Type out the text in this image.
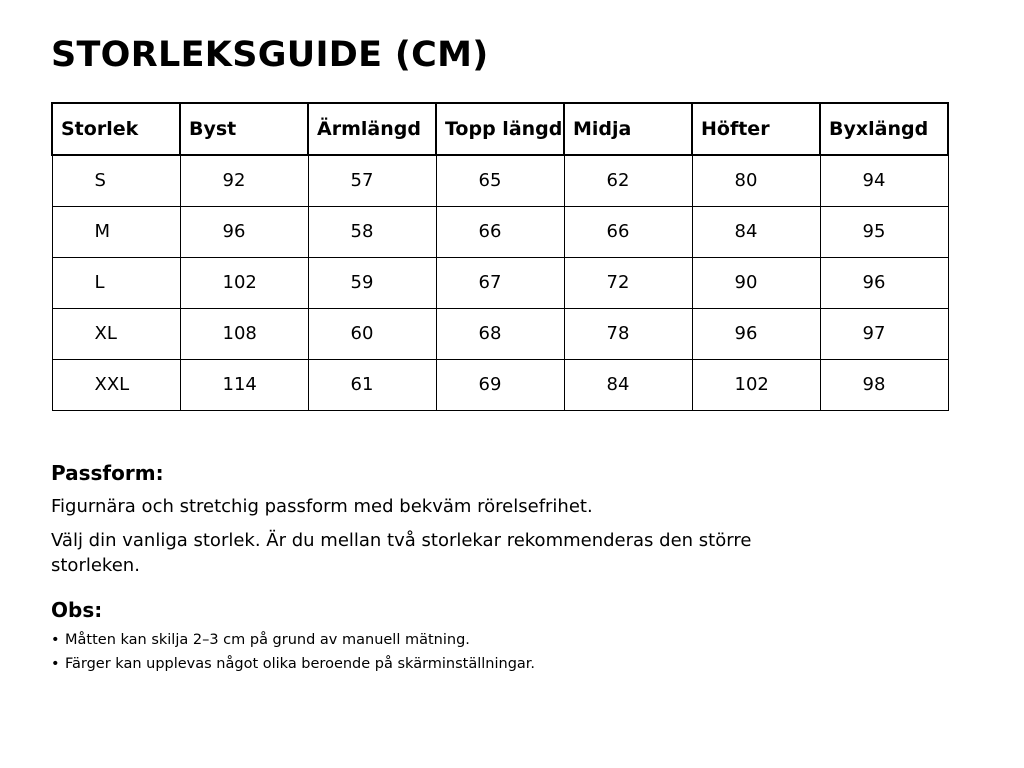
STORLEKSGUIDE (CM)
Storlek	Byst	Ärmlängd	Topp längd	Midja	Höfter	Byxlängd
S	92	57	65	62	80	94
M	96	58	66	66	84	95
L	102	59	67	72	90	96
XL	108	60	68	78	96	97
XXL	114	61	69	84	102	98
Passform:

Figurnära och stretchig passform med bekväm rörelsefrihet.

Välj din vanliga storlek. Är du mellan två storlekar rekommenderas den större storleken.

Obs:
• Måtten kan skilja 2–3 cm på grund av manuell mätning.
• Färger kan upplevas något olika beroende på skärminställningar.
